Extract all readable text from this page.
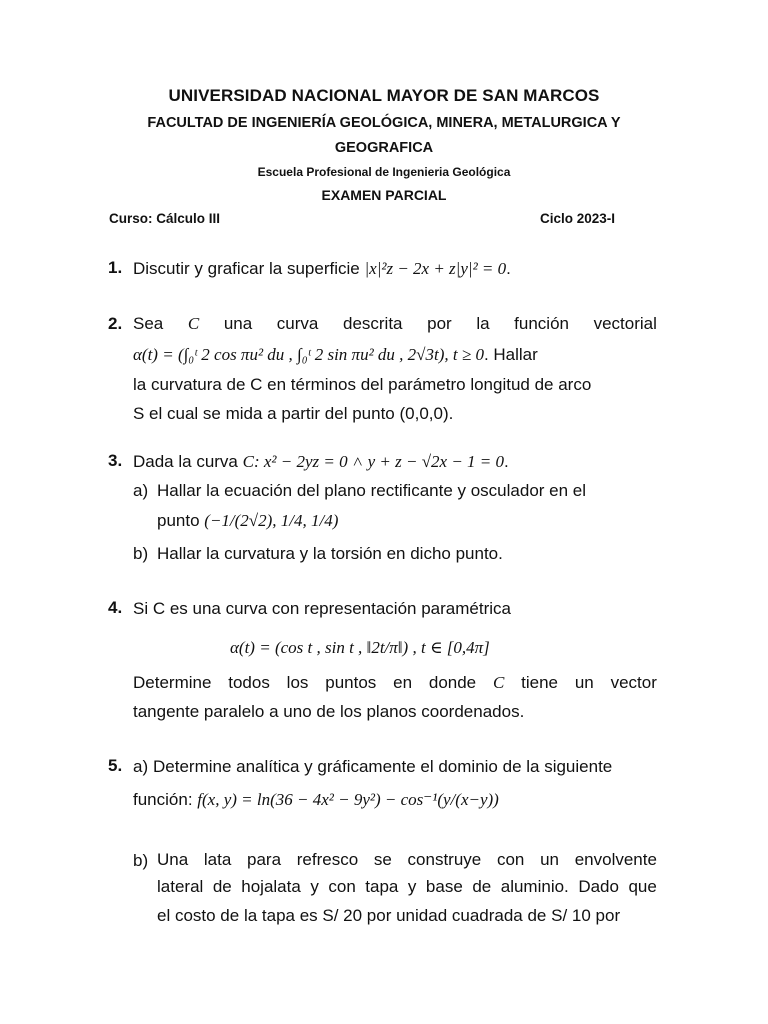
UNIVERSIDAD NACIONAL MAYOR DE SAN MARCOS
FACULTAD DE INGENIERÍA GEOLÓGICA, MINERA, METALURGICA Y
GEOGRAFICA
Escuela Profesional de Ingenieria Geológica
EXAMEN PARCIAL
Curso: Cálculo III	Ciclo 2023-I
1. Discutir y graficar la superficie |x|²z − 2x + z|y|² = 0.
2. Sea C una curva descrita por la función vectorial
α(t) = (∫₀ᵗ 2 cos πu² du , ∫₀ᵗ 2 sin πu² du , 2√3t), t ≥ 0. Hallar
la curvatura de C en términos del parámetro longitud de arco
S el cual se mida a partir del punto (0,0,0).
3. Dada la curva C: x² − 2yz = 0 ˄ y + z − √2x − 1 = 0.
a) Hallar la ecuación del plano rectificante y osculador en el
punto (−1/(2√2), 1/4, 1/4)
b) Hallar la curvatura y la torsión en dicho punto.
4. Si C es una curva con representación paramétrica
α(t) = (cos t , sin t , ‖2t/π‖) , t ∈ [0,4π]
Determine todos los puntos en donde C tiene un vector
tangente paralelo a uno de los planos coordenados.
5. a) Determine analítica y gráficamente el dominio de la siguiente
función: f(x, y) = ln(36 − 4x² − 9y²) − cos⁻¹(y/(x−y))
b) Una lata para refresco se construye con un envolvente
lateral de hojalata y con tapa y base de aluminio. Dado que
el costo de la tapa es S/ 20 por unidad cuadrada de S/ 10 por
